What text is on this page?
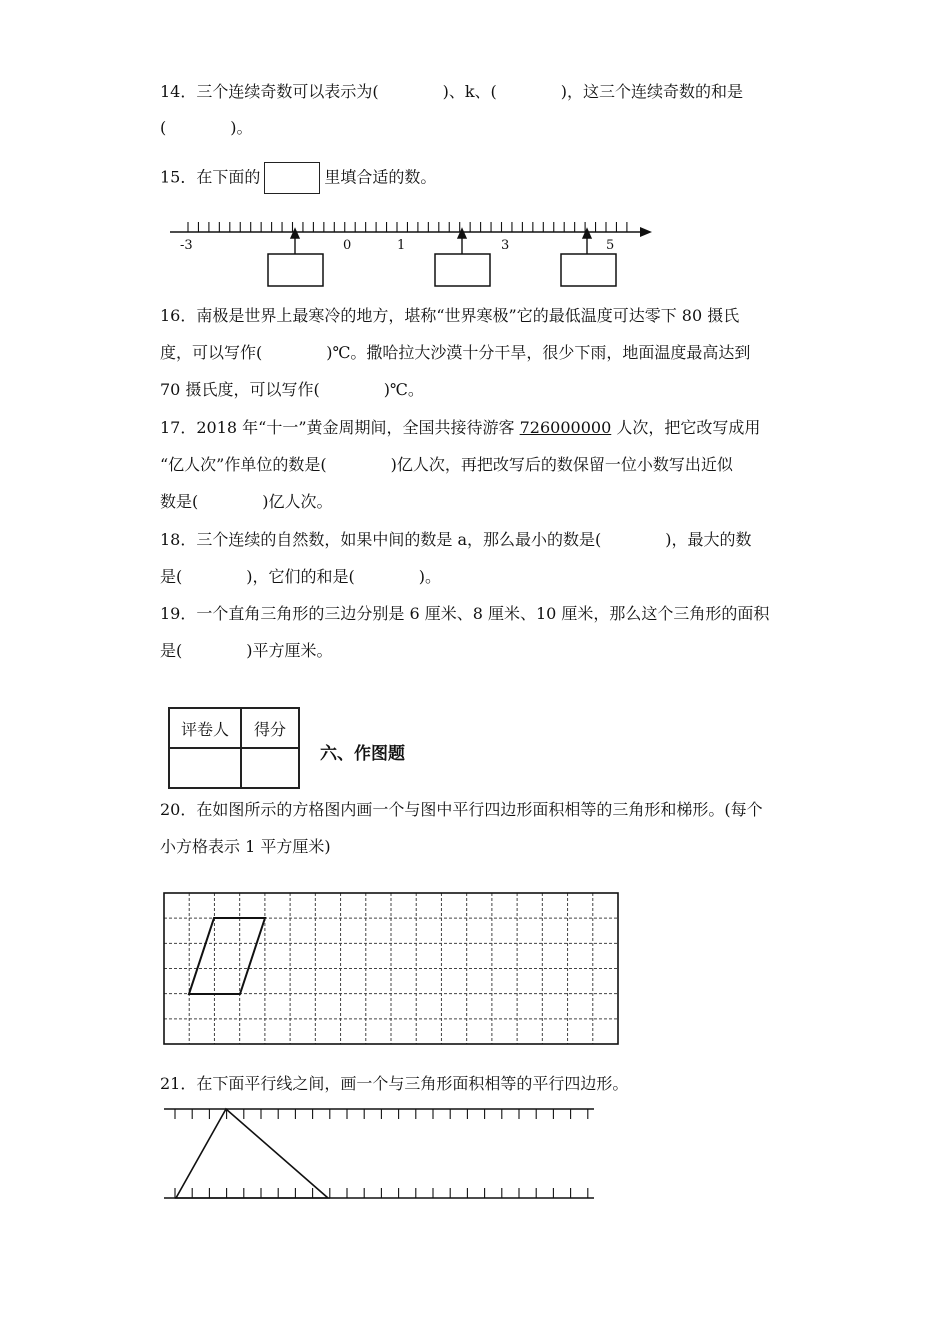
14．三个连续奇数可以表示为(　　　　)、k、(　　　　)，这三个连续奇数的和是
(　　　　)。
15．在下面的	里填合适的数。
-3	0	1	3	5
16．南极是世界上最寒冷的地方，堪称“世界寒极”它的最低温度可达零下 80 摄氏
度，可以写作(　　　　)℃。撒哈拉大沙漠十分干旱，很少下雨，地面温度最高达到
70 摄氏度，可以写作(　　　　)℃。
17．2018 年“十一”黄金周期间，全国共接待游客 726000000 人次，把它改写成用
“亿人次”作单位的数是(　　　　)亿人次，再把改写后的数保留一位小数写出近似
数是(　　　　)亿人次。
18．三个连续的自然数，如果中间的数是 a，那么最小的数是(　　　　)，最大的数
是(　　　　)，它们的和是(　　　　)。
19．一个直角三角形的三边分别是 6 厘米、8 厘米、10 厘米，那么这个三角形的面积
是(　　　　)平方厘米。
评卷人	得分

六、作图题
20．在如图所示的方格图内画一个与图中平行四边形面积相等的三角形和梯形。(每个
小方格表示 1 平方厘米)
21．在下面平行线之间，画一个与三角形面积相等的平行四边形。
